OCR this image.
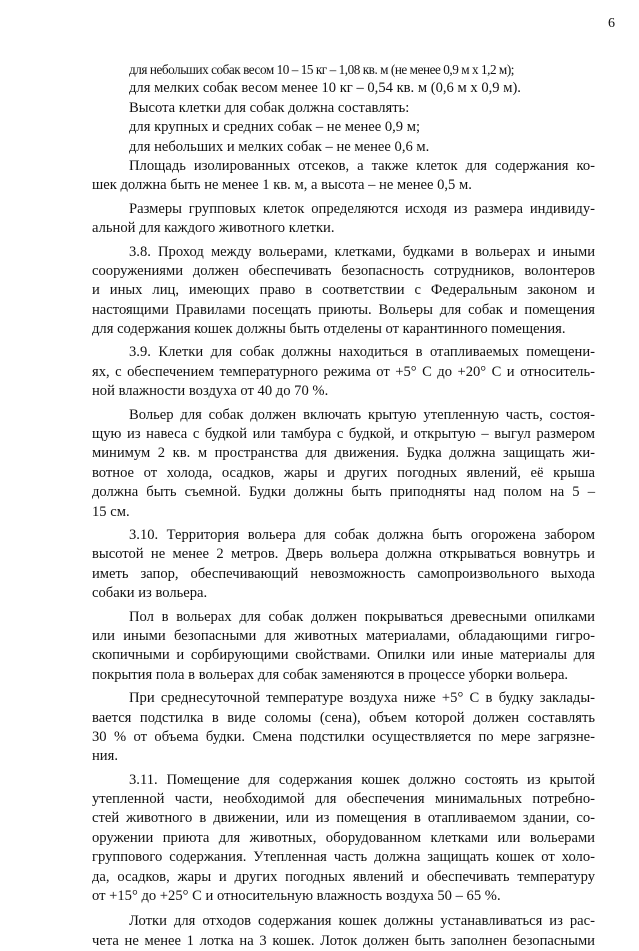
6
для небольших собак весом 10 – 15 кг – 1,08 кв. м (не менее 0,9 м х 1,2 м);
для мелких собак весом менее 10 кг – 0,54 кв. м (0,6 м х 0,9 м).
Высота клетки для собак должна составлять:
для крупных и средних собак – не менее 0,9 м;
для небольших и мелких собак – не менее 0,6 м.
Площадь изолированных отсеков, а также клеток для содержания ко-
шек должна быть не менее 1 кв. м, а высота – не менее 0,5 м.
Размеры групповых клеток определяются исходя из размера индивиду-
альной для каждого животного клетки.
3.8. Проход между вольерами, клетками, будками в вольерах и иными
сооружениями должен обеспечивать безопасность сотрудников, волонтеров
и иных лиц, имеющих право в соответствии с Федеральным законом и
настоящими Правилами посещать приюты. Вольеры для собак и помещения
для содержания кошек должны быть отделены от карантинного помещения.
3.9. Клетки для собак должны находиться в отапливаемых помещени-
ях, с обеспечением температурного режима от +5° С до +20° С и относитель-
ной влажности воздуха от 40 до 70 %.
Вольер для собак должен включать крытую утепленную часть, состоя-
щую из навеса с будкой или тамбура с будкой, и открытую – выгул размером
минимум 2 кв. м пространства для движения. Будка должна защищать жи-
вотное от холода, осадков, жары и других погодных явлений, её крыша
должна быть съемной. Будки должны быть приподняты над полом на 5 –
15 см.
3.10. Территория вольера для собак должна быть огорожена забором
высотой не менее 2 метров. Дверь вольера должна открываться вовнутрь и
иметь запор, обеспечивающий невозможность самопроизвольного выхода
собаки из вольера.
Пол в вольерах для собак должен покрываться древесными опилками
или иными безопасными для животных материалами, обладающими гигро-
скопичными и сорбирующими свойствами. Опилки или иные материалы для
покрытия пола в вольерах для собак заменяются в процессе уборки вольера.
При среднесуточной температуре воздуха ниже +5° С в будку заклады-
вается подстилка в виде соломы (сена), объем которой должен составлять
30 % от объема будки. Смена подстилки осуществляется по мере загрязне-
ния.
3.11. Помещение для содержания кошек должно состоять из крытой
утепленной части, необходимой для обеспечения минимальных потребно-
стей животного в движении, или из помещения в отапливаемом здании, со-
оружении приюта для животных, оборудованном клетками или вольерами
группового содержания. Утепленная часть должна защищать кошек от холо-
да, осадков, жары и других погодных явлений и обеспечивать температуру
от +15° до +25° С и относительную влажность воздуха 50 – 65 %.
Лотки для отходов содержания кошек должны устанавливаться из рас-
чета не менее 1 лотка на 3 кошек. Лоток должен быть заполнен безопасными
